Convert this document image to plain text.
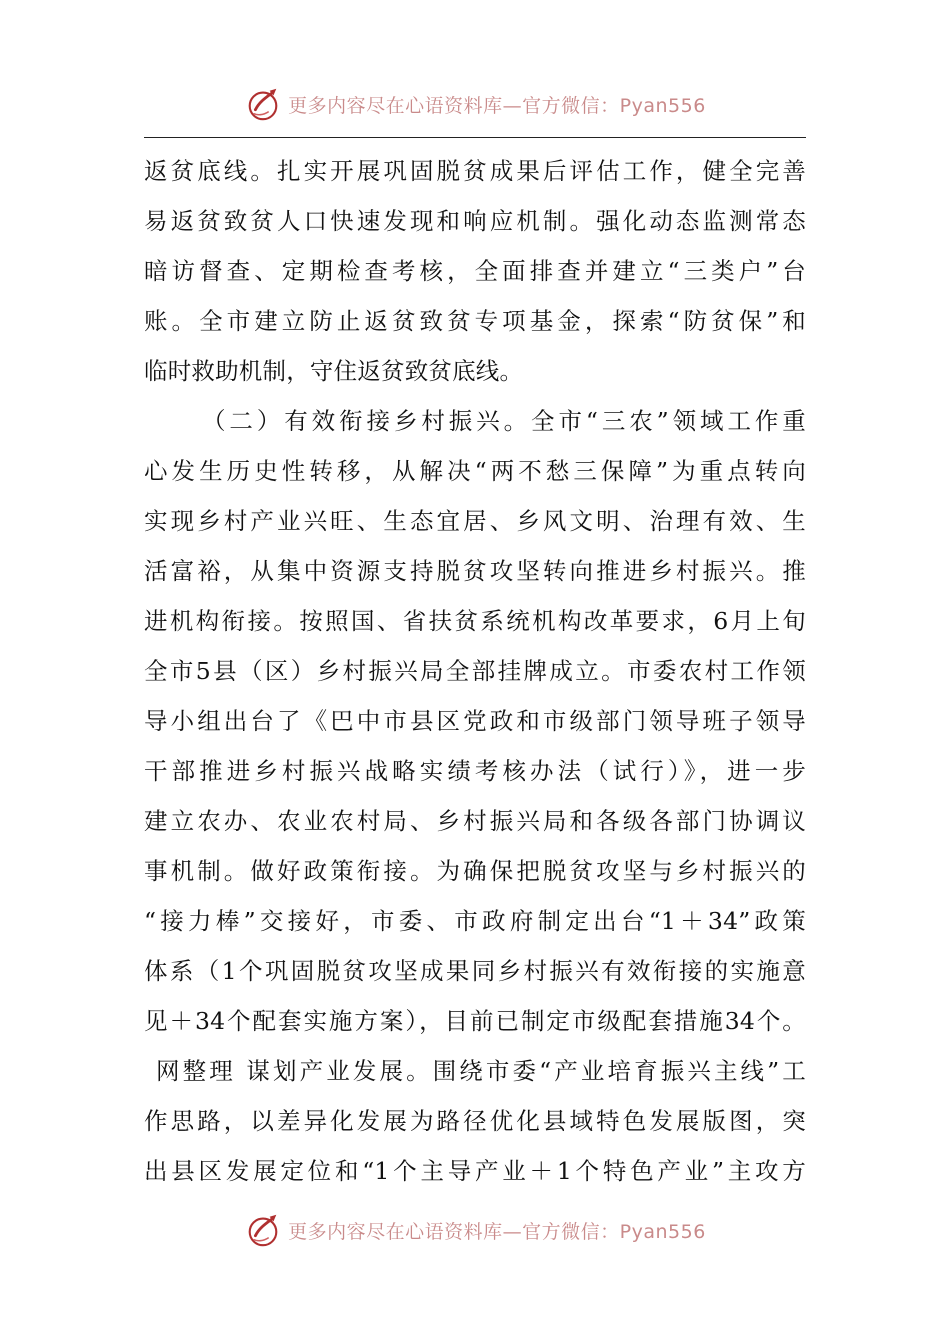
更多内容尽在心语资料库—官方微信：Pyan556
返贫底线。扎实开展巩固脱贫成果后评估工作，健全完善
易返贫致贫人口快速发现和响应机制。强化动态监测常态
暗访督查、定期检查考核，全面排查并建立“三类户”台
账。全市建立防止返贫致贫专项基金，探索“防贫保”和
临时救助机制，守住返贫致贫底线。
（二）有效衔接乡村振兴。全市“三农”领域工作重
心发生历史性转移，从解决“两不愁三保障”为重点转向
实现乡村产业兴旺、生态宜居、乡风文明、治理有效、生
活富裕，从集中资源支持脱贫攻坚转向推进乡村振兴。推
进机构衔接。按照国、省扶贫系统机构改革要求，6月上旬
全市5县（区）乡村振兴局全部挂牌成立。市委农村工作领
导小组出台了《巴中市县区党政和市级部门领导班子领导
干部推进乡村振兴战略实绩考核办法（试行）》，进一步
建立农办、农业农村局、乡村振兴局和各级各部门协调议
事机制。做好政策衔接。为确保把脱贫攻坚与乡村振兴的
“接力棒”交接好，市委、市政府制定出台“1＋34”政策
体系（1个巩固脱贫攻坚成果同乡村振兴有效衔接的实施意
见＋34个配套实施方案），目前已制定市级配套措施34个。
网整理 谋划产业发展。围绕市委“产业培育振兴主线”工
作思路，以差异化发展为路径优化县域特色发展版图，突
出县区发展定位和“1个主导产业＋1个特色产业”主攻方
更多内容尽在心语资料库—官方微信：Pyan556
